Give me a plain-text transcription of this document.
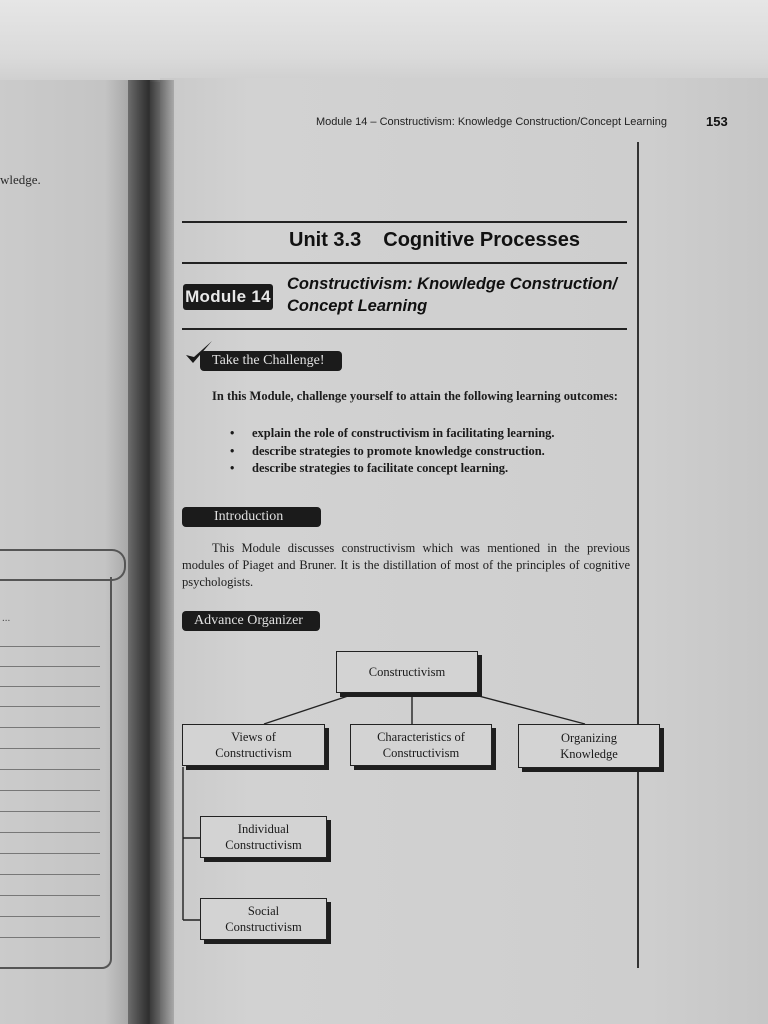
wledge.
...
Module 14 – Constructivism: Knowledge Construction/Concept Learning	153
Unit 3.3 Cognitive Processes
Module 14
Constructivism: Knowledge Construction/
Concept Learning
Take the Challenge!
In this Module, challenge yourself to attain the following learning outcomes:
• explain the role of constructivism in facilitating learning.
• describe strategies to promote knowledge construction.
• describe strategies to facilitate concept learning.
Introduction
This Module discusses constructivism which was mentioned in the previous modules of Piaget and Bruner. It is the distillation of most of the principles of cognitive psychologists.
Advance Organizer
Constructivism
Views of
Constructivism
Characteristics of
Constructivism
Organizing
Knowledge
Individual
Constructivism
Social
Constructivism
